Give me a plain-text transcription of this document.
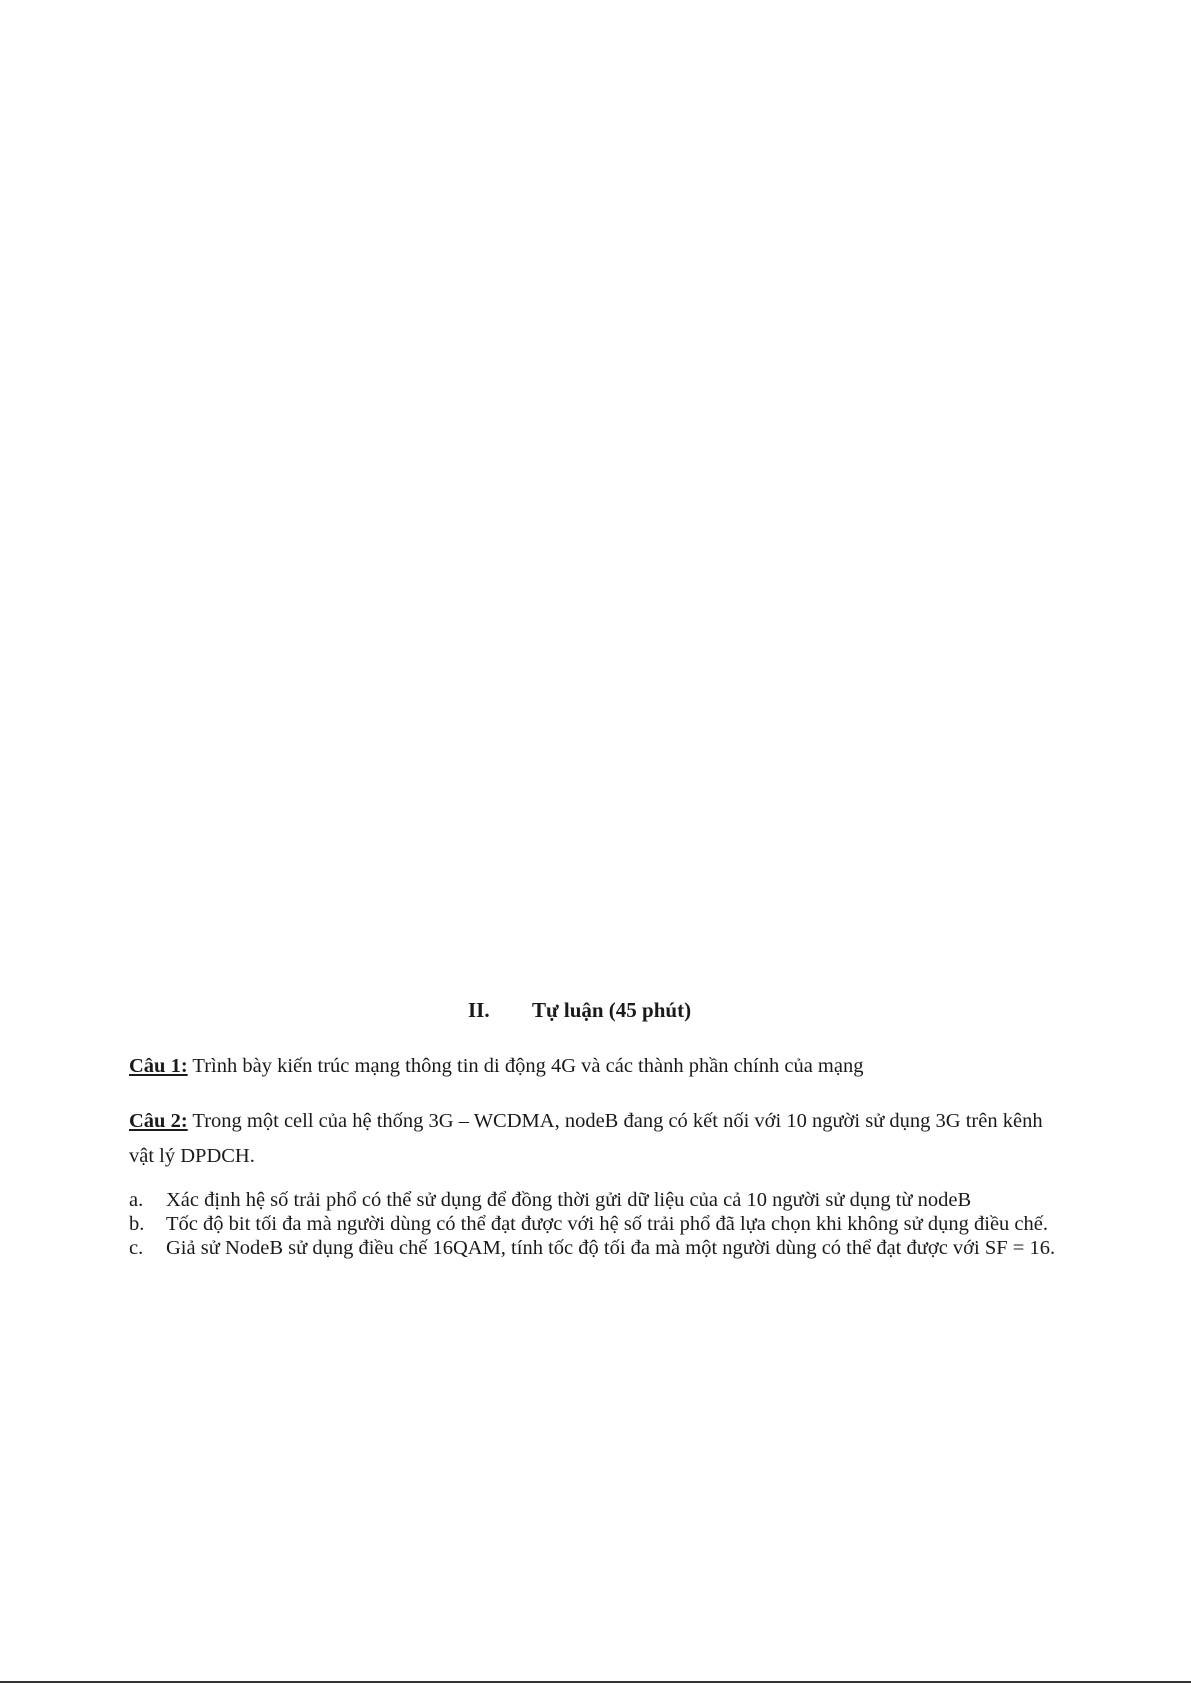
II. Tự luận (45 phút)
Câu 1: Trình bày kiến trúc mạng thông tin di động 4G và các thành phần chính của mạng
Câu 2: Trong một cell của hệ thống 3G – WCDMA, nodeB đang có kết nối với 10 người sử dụng 3G trên kênh vật lý DPDCH.
a. Xác định hệ số trải phổ có thể sử dụng để đồng thời gửi dữ liệu của cả 10 người sử dụng từ nodeB
b. Tốc độ bit tối đa mà người dùng có thể đạt được với hệ số trải phổ đã lựa chọn khi không sử dụng điều chế.
c. Giả sử NodeB sử dụng điều chế 16QAM, tính tốc độ tối đa mà một người dùng có thể đạt được với SF = 16.
